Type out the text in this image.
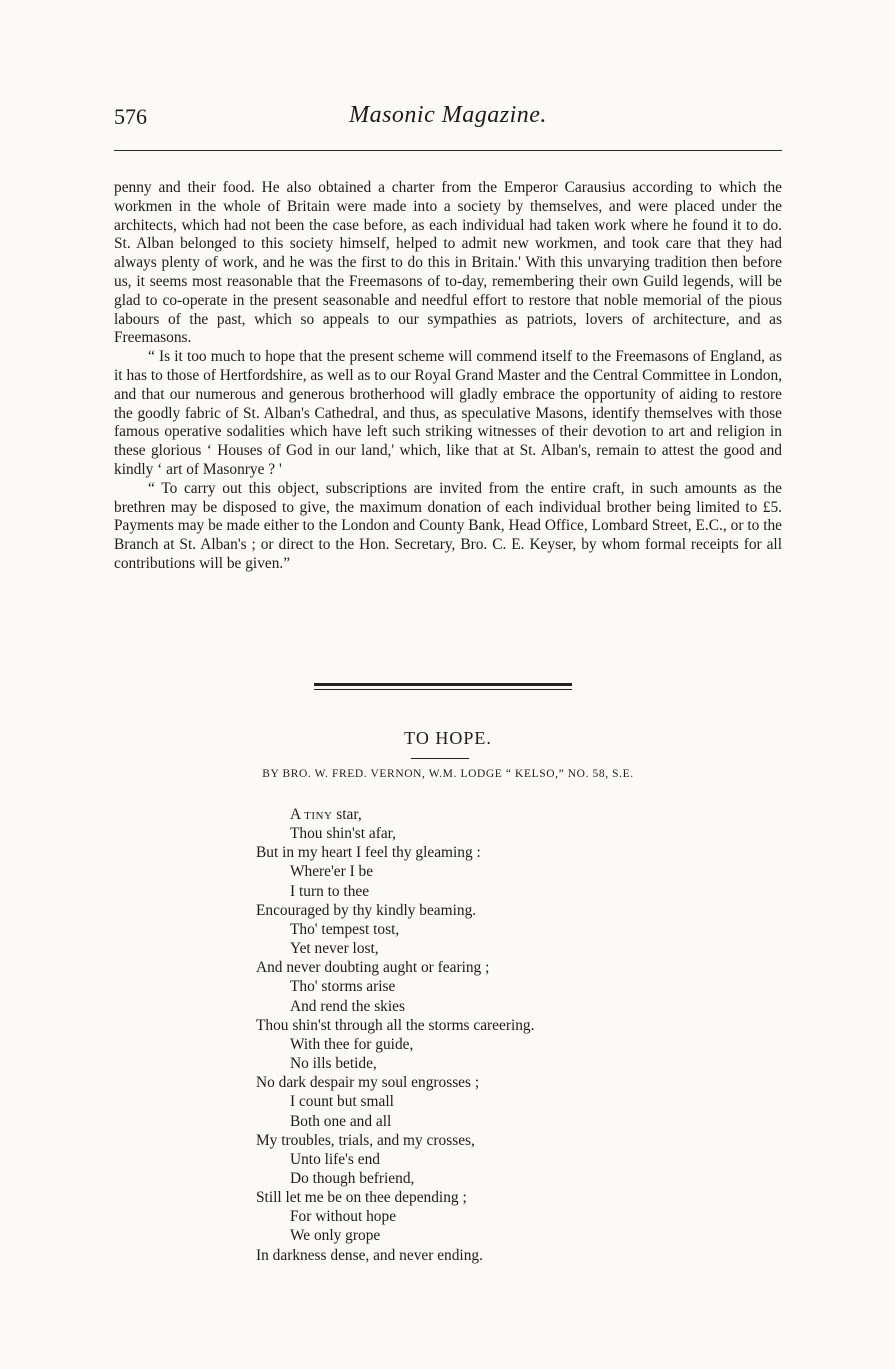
576	Masonic Magazine.

penny and their food. He also obtained a charter from the Emperor Carausius according to which the workmen in the whole of Britain were made into a society by themselves, and were placed under the architects, which had not been the case before, as each individual had taken work where he found it to do. St. Alban belonged to this society himself, helped to admit new workmen, and took care that they had always plenty of work, and he was the first to do this in Britain.' With this unvarying tradition then before us, it seems most reasonable that the Freemasons of to-day, remembering their own Guild legends, will be glad to co-operate in the present seasonable and needful effort to restore that noble memorial of the pious labours of the past, which so appeals to our sympathies as patriots, lovers of architecture, and as Freemasons.

“ Is it too much to hope that the present scheme will commend itself to the Freemasons of England, as it has to those of Hertfordshire, as well as to our Royal Grand Master and the Central Committee in London, and that our numerous and generous brotherhood will gladly embrace the opportunity of aiding to restore the goodly fabric of St. Alban's Cathedral, and thus, as speculative Masons, identify themselves with those famous operative sodalities which have left such striking witnesses of their devotion to art and religion in these glorious ‘ Houses of God in our land,' which, like that at St. Alban's, remain to attest the good and kindly ‘ art of Masonrye ? '

“ To carry out this object, subscriptions are invited from the entire craft, in such amounts as the brethren may be disposed to give, the maximum donation of each individual brother being limited to £5. Payments may be made either to the London and County Bank, Head Office, Lombard Street, E.C., or to the Branch at St. Alban's ; or direct to the Hon. Secretary, Bro. C. E. Keyser, by whom formal receipts for all contributions will be given.”

TO HOPE.
BY BRO. W. FRED. VERNON, W.M. LODGE “ KELSO,” NO. 58, S.E.
A tiny star,
Thou shin'st afar,
But in my heart I feel thy gleaming :
Where'er I be
I turn to thee
Encouraged by thy kindly beaming.
Tho' tempest tost,
Yet never lost,
And never doubting aught or fearing ;
Tho' storms arise
And rend the skies
Thou shin'st through all the storms careering.
With thee for guide,
No ills betide,
No dark despair my soul engrosses ;
I count but small
Both one and all
My troubles, trials, and my crosses,
Unto life's end
Do though befriend,
Still let me be on thee depending ;
For without hope
We only grope
In darkness dense, and never ending.
